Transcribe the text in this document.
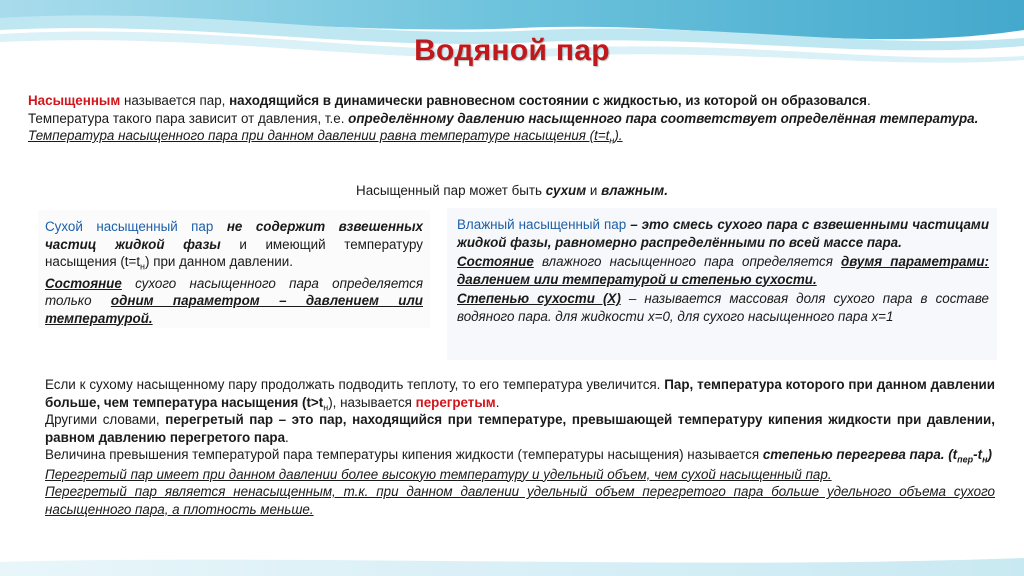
Водяной пар

Насыщенным называется пар, находящийся в динамически равновесном состоянии с жидкостью, из которой он образовался.

Температура такого пара зависит от давления, т.е. определённому давлению насыщенного пара соответствует определённая температура.

Температура насыщенного пара при данном давлении равна температуре насыщения $(t=t_н)$.

Насыщенный пар может быть сухим и влажным.

Сухой насыщенный пар не содержит взвешенных частиц жидкой фазы и имеющий температуру насыщения $(t=t_н)$ при данном давлении.

Состояние сухого насыщенного пара определяется только одним параметром – давлением или температурой.

Влажный насыщенный пар – это смесь сухого пара с взвешенными частицами жидкой фазы, равномерно распределёнными по всей массе пара.

Состояние влажного насыщенного пара определяется двумя параметрами: давлением или температурой и степенью сухости.

Степенью сухости (X) – называется массовая доля сухого пара в составе водяного пара. для жидкости x=0, для сухого насыщенного пара x=1

Если к сухому насыщенному пару продолжать подводить теплоту, то его температура увеличится. Пар, температура которого при данном давлении больше, чем температура насыщения $(t>t_н)$, называется перегретым.

Другими словами, перегретый пар – это пар, находящийся при температуре, превышающей температуру кипения жидкости при давлении, равном давлению перегретого пара.

Величина превышения температурой пара температуры кипения жидкости (температуры насыщения) называется степенью перегрева пара. $(t_{пер}-t_н)$

Перегретый пар имеет при данном давлении более высокую температуру и удельный объем, чем сухой насыщенный пар.

Перегретый пар является ненасыщенным, т.к. при данном давлении удельный объем перегретого пара больше удельного объема сухого насыщенного пара, а плотность меньше.
